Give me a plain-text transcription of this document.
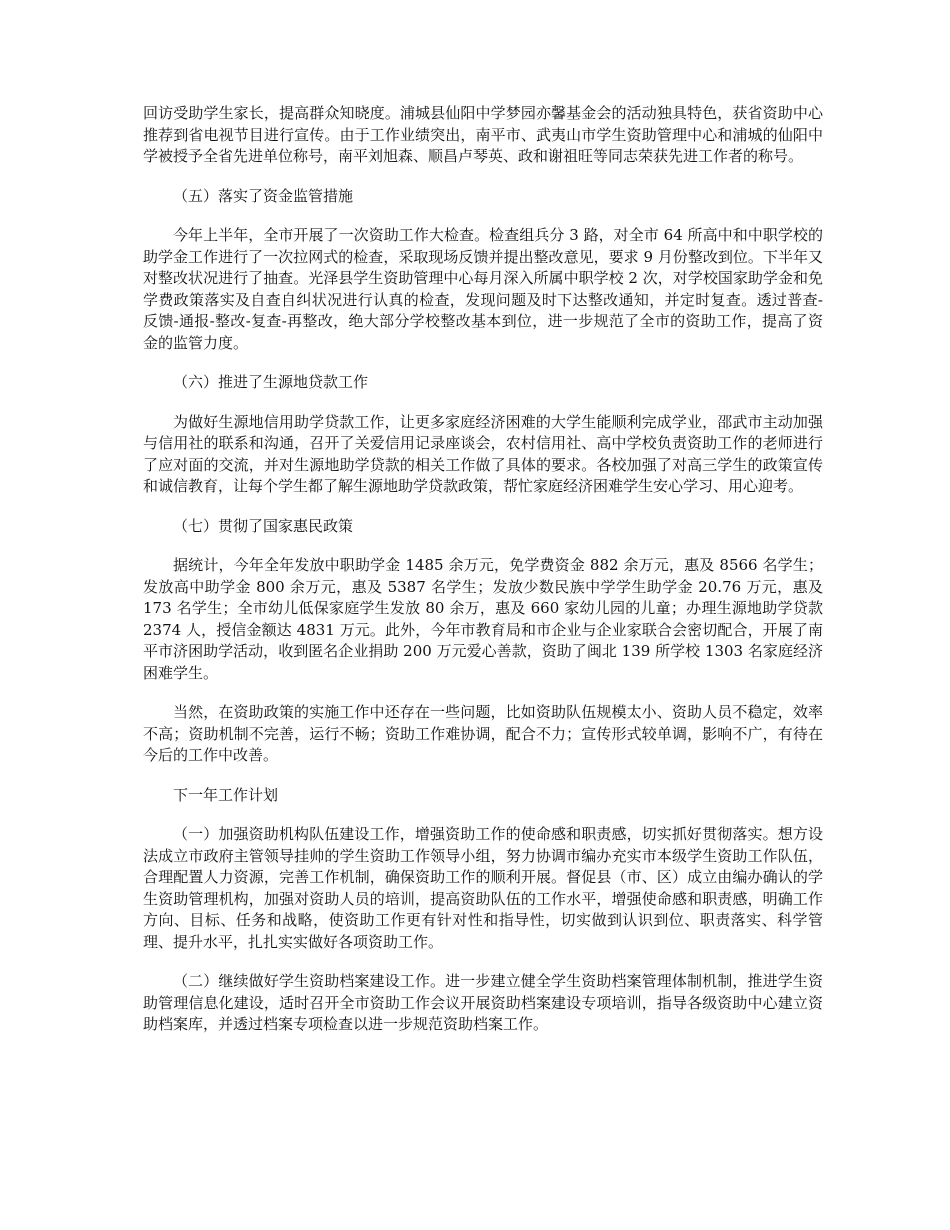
回访受助学生家长，提高群众知晓度。浦城县仙阳中学梦园亦馨基金会的活动独具特色，获省资助中心推荐到省电视节目进行宣传。由于工作业绩突出，南平市、武夷山市学生资助管理中心和浦城的仙阳中学被授予全省先进单位称号，南平刘旭森、顺昌卢琴英、政和谢祖旺等同志荣获先进工作者的称号。

（五）落实了资金监管措施

今年上半年，全市开展了一次资助工作大检查。检查组兵分 3 路，对全市 64 所高中和中职学校的助学金工作进行了一次拉网式的检查，采取现场反馈并提出整改意见，要求 9 月份整改到位。下半年又对整改状况进行了抽查。光泽县学生资助管理中心每月深入所属中职学校 2 次，对学校国家助学金和免学费政策落实及自查自纠状况进行认真的检查，发现问题及时下达整改通知，并定时复查。透过普查-反馈-通报-整改-复查-再整改，绝大部分学校整改基本到位，进一步规范了全市的资助工作，提高了资金的监管力度。

（六）推进了生源地贷款工作

为做好生源地信用助学贷款工作，让更多家庭经济困难的大学生能顺利完成学业，邵武市主动加强与信用社的联系和沟通，召开了关爱信用记录座谈会，农村信用社、高中学校负责资助工作的老师进行了应对面的交流，并对生源地助学贷款的相关工作做了具体的要求。各校加强了对高三学生的政策宣传和诚信教育，让每个学生都了解生源地助学贷款政策，帮忙家庭经济困难学生安心学习、用心迎考。

（七）贯彻了国家惠民政策

据统计，今年全年发放中职助学金 1485 余万元，免学费资金 882 余万元，惠及 8566 名学生；发放高中助学金 800 余万元，惠及 5387 名学生；发放少数民族中学学生助学金 20.76 万元，惠及 173 名学生；全市幼儿低保家庭学生发放 80 余万，惠及 660 家幼儿园的儿童；办理生源地助学贷款 2374 人，授信金额达 4831 万元。此外，今年市教育局和市企业与企业家联合会密切配合，开展了南平市济困助学活动，收到匿名企业捐助 200 万元爱心善款，资助了闽北 139 所学校 1303 名家庭经济困难学生。

当然，在资助政策的实施工作中还存在一些问题，比如资助队伍规模太小、资助人员不稳定，效率不高；资助机制不完善，运行不畅；资助工作难协调，配合不力；宣传形式较单调，影响不广，有待在今后的工作中改善。

下一年工作计划

（一）加强资助机构队伍建设工作，增强资助工作的使命感和职责感，切实抓好贯彻落实。想方设法成立市政府主管领导挂帅的学生资助工作领导小组，努力协调市编办充实市本级学生资助工作队伍，合理配置人力资源，完善工作机制，确保资助工作的顺利开展。督促县（市、区）成立由编办确认的学生资助管理机构，加强对资助人员的培训，提高资助队伍的工作水平，增强使命感和职责感，明确工作方向、目标、任务和战略，使资助工作更有针对性和指导性，切实做到认识到位、职责落实、科学管理、提升水平，扎扎实实做好各项资助工作。

（二）继续做好学生资助档案建设工作。进一步建立健全学生资助档案管理体制机制，推进学生资助管理信息化建设，适时召开全市资助工作会议开展资助档案建设专项培训，指导各级资助中心建立资助档案库，并透过档案专项检查以进一步规范资助档案工作。
